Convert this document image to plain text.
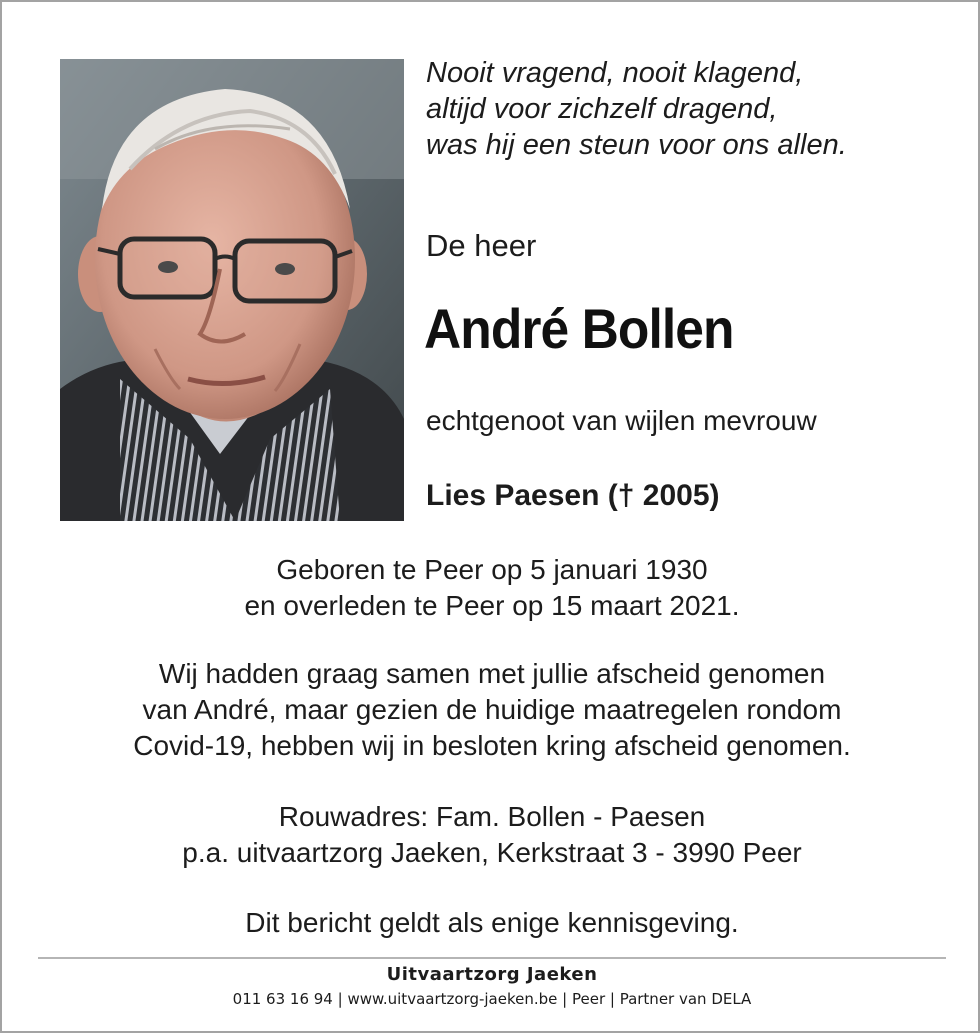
Nooit vragend, nooit klagend,
altijd voor zichzelf dragend,
was hij een steun voor ons allen.
De heer
André Bollen
echtgenoot van wijlen mevrouw
Lies Paesen († 2005)
Geboren te Peer op 5 januari 1930
en overleden te Peer op 15 maart 2021.
Wij hadden graag samen met jullie afscheid genomen
van André, maar gezien de huidige maatregelen rondom
Covid-19, hebben wij in besloten kring afscheid genomen.
Rouwadres: Fam. Bollen - Paesen
p.a. uitvaartzorg Jaeken, Kerkstraat 3 - 3990 Peer
Dit bericht geldt als enige kennisgeving.
Uitvaartzorg Jaeken
011 63 16 94 | www.uitvaartzorg-jaeken.be | Peer | Partner van DELA
